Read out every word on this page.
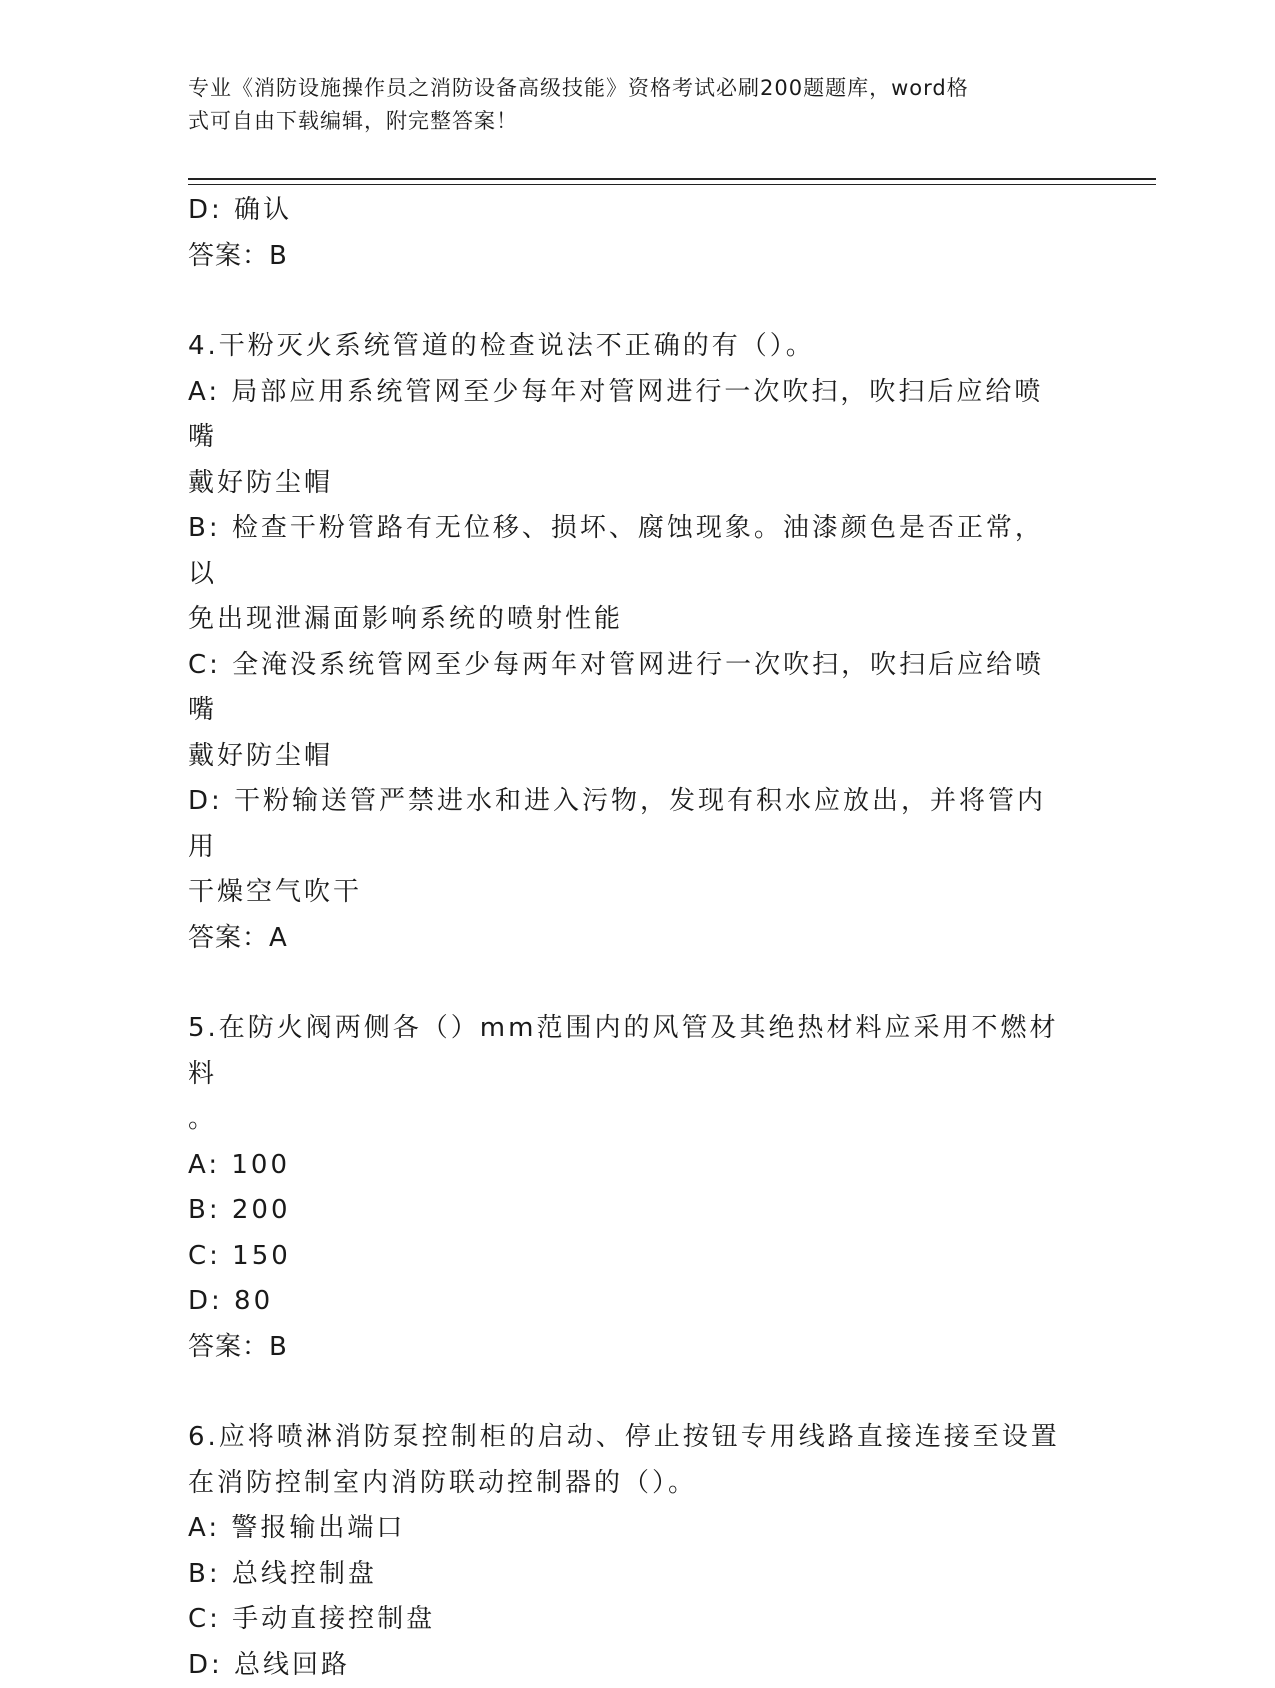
专业《消防设施操作员之消防设备高级技能》资格考试必刷200题题库，word格
式可自由下载编辑，附完整答案！

D: 确认

答案：B

4.干粉灭火系统管道的检查说法不正确的有（）。

A: 局部应用系统管网至少每年对管网进行一次吹扫，吹扫后应给喷嘴

戴好防尘帽

B: 检查干粉管路有无位移、损坏、腐蚀现象。油漆颜色是否正常，以

免出现泄漏面影响系统的喷射性能

C: 全淹没系统管网至少每两年对管网进行一次吹扫，吹扫后应给喷嘴

戴好防尘帽

D: 干粉输送管严禁进水和进入污物，发现有积水应放出，并将管内用

干燥空气吹干

答案：A

5.在防火阀两侧各（）mm范围内的风管及其绝热材料应采用不燃材料

。

A: 100

B: 200

C: 150

D: 80

答案：B

6.应将喷淋消防泵控制柜的启动、停止按钮专用线路直接连接至设置

在消防控制室内消防联动控制器的（）。

A: 警报输出端口

B: 总线控制盘

C: 手动直接控制盘

D: 总线回路
